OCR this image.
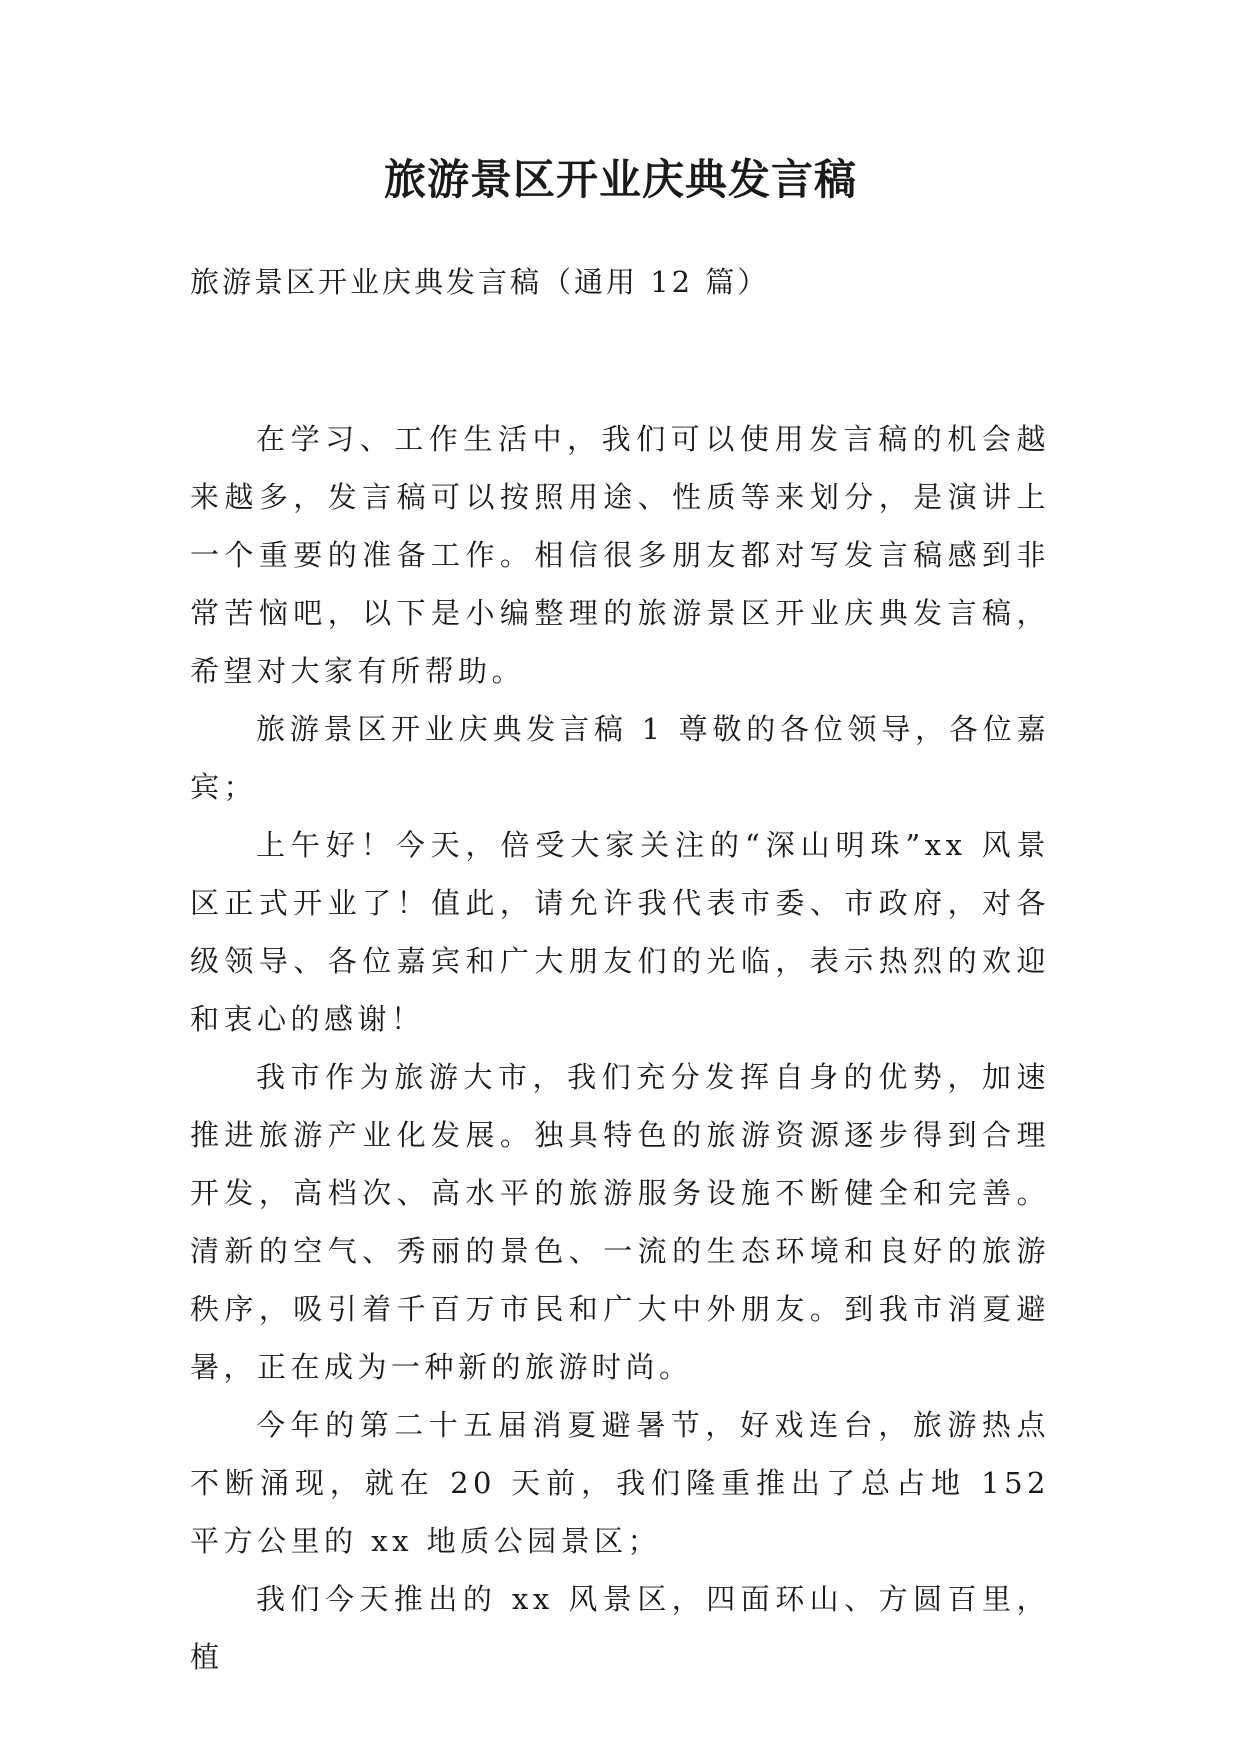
旅游景区开业庆典发言稿
旅游景区开业庆典发言稿（通用 12 篇）

在学习、工作生活中，我们可以使用发言稿的机会越来越多，发言稿可以按照用途、性质等来划分，是演讲上一个重要的准备工作。相信很多朋友都对写发言稿感到非常苦恼吧，以下是小编整理的旅游景区开业庆典发言稿，希望对大家有所帮助。

旅游景区开业庆典发言稿 1 尊敬的各位领导，各位嘉宾；

上午好！今天，倍受大家关注的“深山明珠”xx 风景区正式开业了！值此，请允许我代表市委、市政府，对各级领导、各位嘉宾和广大朋友们的光临，表示热烈的欢迎和衷心的感谢！

我市作为旅游大市，我们充分发挥自身的优势，加速推进旅游产业化发展。独具特色的旅游资源逐步得到合理开发，高档次、高水平的旅游服务设施不断健全和完善。清新的空气、秀丽的景色、一流的生态环境和良好的旅游秩序，吸引着千百万市民和广大中外朋友。到我市消夏避暑，正在成为一种新的旅游时尚。

今年的第二十五届消夏避暑节，好戏连台，旅游热点不断涌现，就在 20 天前，我们隆重推出了总占地 152 平方公里的 xx 地质公园景区；

我们今天推出的 xx 风景区，四面环山、方圆百里，植
